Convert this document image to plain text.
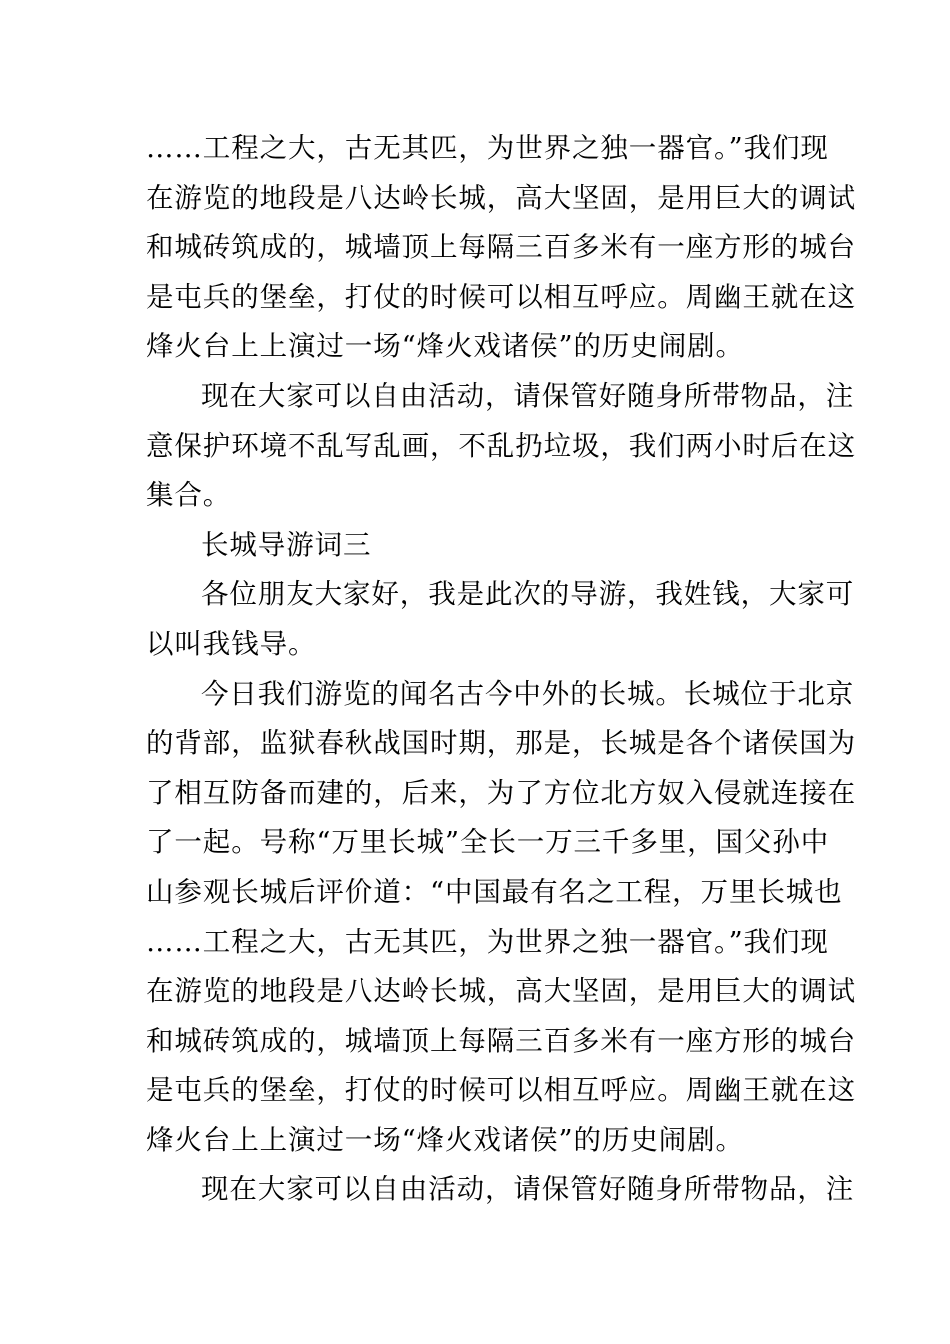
……工程之大，古无其匹，为世界之独一器官。”我们现
在游览的地段是八达岭长城，高大坚固，是用巨大的调试
和城砖筑成的，城墙顶上每隔三百多米有一座方形的城台
是屯兵的堡垒，打仗的时候可以相互呼应。周幽王就在这
烽火台上上演过一场“烽火戏诸侯”的历史闹剧。
现在大家可以自由活动，请保管好随身所带物品，注
意保护环境不乱写乱画，不乱扔垃圾，我们两小时后在这
集合。
长城导游词三
各位朋友大家好，我是此次的导游，我姓钱，大家可
以叫我钱导。
今日我们游览的闻名古今中外的长城。长城位于北京
的背部，监狱春秋战国时期，那是，长城是各个诸侯国为
了相互防备而建的，后来，为了方位北方奴入侵就连接在
了一起。号称“万里长城”全长一万三千多里，国父孙中
山参观长城后评价道：“中国最有名之工程，万里长城也
……工程之大，古无其匹，为世界之独一器官。”我们现
在游览的地段是八达岭长城，高大坚固，是用巨大的调试
和城砖筑成的，城墙顶上每隔三百多米有一座方形的城台
是屯兵的堡垒，打仗的时候可以相互呼应。周幽王就在这
烽火台上上演过一场“烽火戏诸侯”的历史闹剧。
现在大家可以自由活动，请保管好随身所带物品，注
